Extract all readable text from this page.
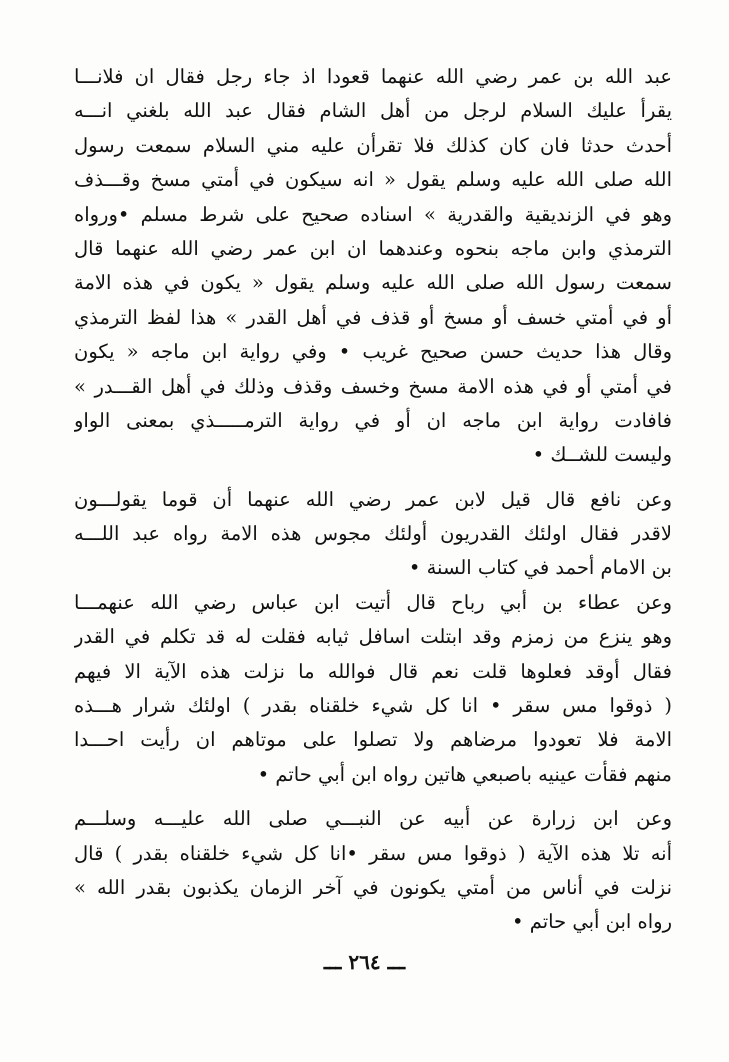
عبد الله بن عمر رضي الله عنهما قعودا اذ جاء رجل فقال ان فلانـــا
يقرأ عليك السلام لرجل من أهل الشام فقال عبد الله بلغني انـــه
أحدث حدثا فان كان كذلك فلا تقرأن عليه مني السلام سمعت رسول
الله صلى الله عليه وسلم يقول « انه سيكون في أمتي مسخ وقـــذف
وهو في الزنديقية والقدرية » اسناده صحيح على شرط مسلم •ورواه
الترمذي وابن ماجه بنحوه وعندهما ان ابن عمر رضي الله عنهما قال
سمعت رسول الله صلى الله عليه وسلم يقول « يكون في هذه الامة
أو في أمتي خسف أو مسخ أو قذف في أهل القدر » هذا لفظ الترمذي
وقال هذا حديث حسن صحيح غريب • وفي رواية ابن ماجه « يكون
في أمتي أو في هذه الامة مسخ وخسف وقذف وذلك في أهل القـــدر »
فافادت رواية ابن ماجه ان أو في رواية الترمـــــذي بمعنى الواو
وليست للشــك •
وعن نافع قال قيل لابن عمر رضي الله عنهما أن قوما يقولـــون
لاقدر فقال اولئك القدريون أولئك مجوس هذه الامة رواه عبد اللـــه
بن الامام أحمد في كتاب السنة •
وعن عطاء بن أبي رباح قال أتيت ابن عباس رضي الله عنهمـــا
وهو ينزع من زمزم وقد ابتلت اسافل ثيابه فقلت له قد تكلم في القدر
فقال أوقد فعلوها قلت نعم قال فوالله ما نزلت هذه الآية الا فيهم
( ذوقوا مس سقر • انا كل شيء خلقناه بقدر ) اولئك شرار هـــذه
الامة فلا تعودوا مرضاهم ولا تصلوا على موتاهم ان رأيت احـــدا
منهم فقأت عينيه باصبعي هاتين رواه ابن أبي حاتم •
وعن ابن زرارة عن أبيه عن النبـــي صلى الله عليـــه وسلـــم
أنه تلا هذه الآية ( ذوقوا مس سقر •انا كل شيء خلقناه بقدر ) قال
نزلت في أناس من أمتي يكونون في آخر الزمان يكذبون بقدر الله »
رواه ابن أبي حاتم •
ـــ ٢٦٤ ـــ
